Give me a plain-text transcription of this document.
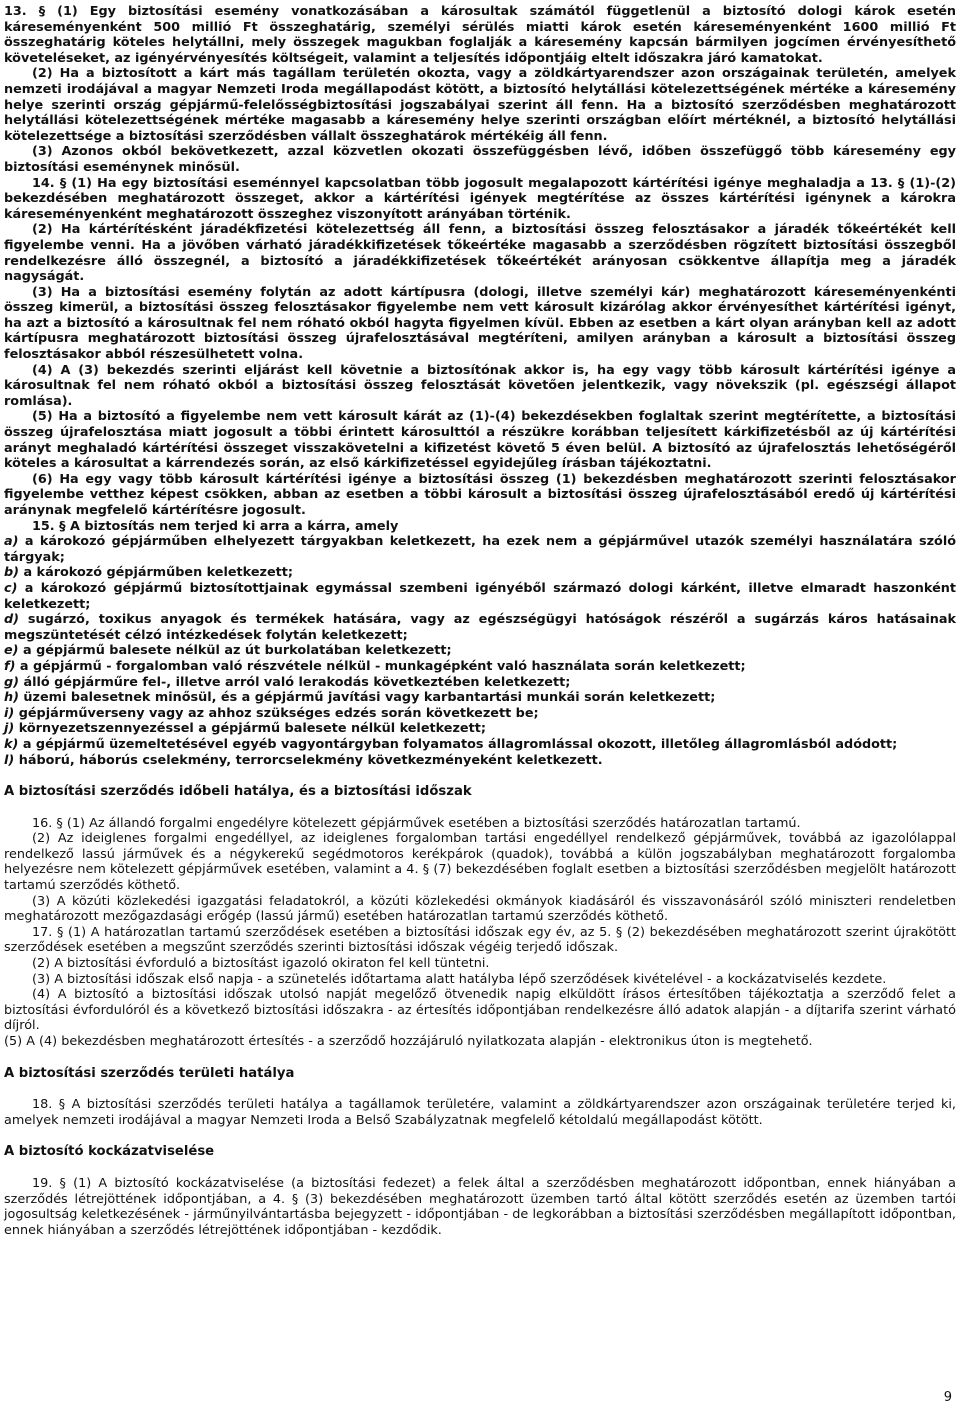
13. § (1) Egy biztosítási esemény vonatkozásában a károsultak számától függetlenül a biztosító dologi károk esetén káreseményenként 500 millió Ft összeghatárig, személyi sérülés miatti károk esetén káreseményenként 1600 millió Ft összeghatárig köteles helytállni, mely összegek magukban foglalják a káresemény kapcsán bármilyen jogcímen érvényesíthető követeléseket, az igényérvényesítés költségeit, valamint a teljesítés időpontjáig eltelt időszakra járó kamatokat.

(2) Ha a biztosított a kárt más tagállam területén okozta, vagy a zöldkártyarendszer azon országainak területén, amelyek nemzeti irodájával a magyar Nemzeti Iroda megállapodást kötött, a biztosító helytállási kötelezettségének mértéke a káresemény helye szerinti ország gépjármű-felelősségbiztosítási jogszabályai szerint áll fenn. Ha a biztosító szerződésben meghatározott helytállási kötelezettségének mértéke magasabb a káresemény helye szerinti országban előírt mértéknél, a biztosító helytállási kötelezettsége a biztosítási szerződésben vállalt összeghatárok mértékéig áll fenn.

(3) Azonos okból bekövetkezett, azzal közvetlen okozati összefüggésben lévő, időben összefüggő több káresemény egy biztosítási eseménynek minősül.

14. § (1) Ha egy biztosítási eseménnyel kapcsolatban több jogosult megalapozott kártérítési igénye meghaladja a 13. § (1)-(2) bekezdésében meghatározott összeget, akkor a kártérítési igények megtérítése az összes kártérítési igénynek a károkra káreseményenként meghatározott összeghez viszonyított arányában történik.

(2) Ha kártérítésként járadékfizetési kötelezettség áll fenn, a biztosítási összeg felosztásakor a járadék tőkeértékét kell figyelembe venni. Ha a jövőben várható járadékkifizetések tőkeértéke magasabb a szerződésben rögzített biztosítási összegből rendelkezésre álló összegnél, a biztosító a járadékkifizetések tőkeértékét arányosan csökkentve állapítja meg a járadék nagyságát.

(3) Ha a biztosítási esemény folytán az adott kártípusra (dologi, illetve személyi kár) meghatározott káreseményenkénti összeg kimerül, a biztosítási összeg felosztásakor figyelembe nem vett károsult kizárólag akkor érvényesíthet kártérítési igényt, ha azt a biztosító a károsultnak fel nem róható okból hagyta figyelmen kívül. Ebben az esetben a kárt olyan arányban kell az adott kártípusra meghatározott biztosítási összeg újrafelosztásával megtéríteni, amilyen arányban a károsult a biztosítási összeg felosztásakor abból részesülhetett volna.

(4) A (3) bekezdés szerinti eljárást kell követnie a biztosítónak akkor is, ha egy vagy több károsult kártérítési igénye a károsultnak fel nem róható okból a biztosítási összeg felosztását követően jelentkezik, vagy növekszik (pl. egészségi állapot romlása).

(5) Ha a biztosító a figyelembe nem vett károsult kárát az (1)-(4) bekezdésekben foglaltak szerint megtérítette, a biztosítási összeg újrafelosztása miatt jogosult a többi érintett károsulttól a részükre korábban teljesített kárkifizetésből az új kártérítési arányt meghaladó kártérítési összeget visszakövetelni a kifizetést követő 5 éven belül. A biztosító az újrafelosztás lehetőségéről köteles a károsultat a kárrendezés során, az első kárkifizetéssel egyidejűleg írásban tájékoztatni.

(6) Ha egy vagy több károsult kártérítési igénye a biztosítási összeg (1) bekezdésben meghatározott szerinti felosztásakor figyelembe vetthez képest csökken, abban az esetben a többi károsult a biztosítási összeg újrafelosztásából eredő új kártérítési aránynak megfelelő kártérítésre jogosult.

15. § A biztosítás nem terjed ki arra a kárra, amely

a) a károkozó gépjárműben elhelyezett tárgyakban keletkezett, ha ezek nem a gépjárművel utazók személyi használatára szóló tárgyak;

b) a károkozó gépjárműben keletkezett;

c) a károkozó gépjármű biztosítottjainak egymással szembeni igényéből származó dologi kárként, illetve elmaradt haszonként keletkezett;

d) sugárzó, toxikus anyagok és termékek hatására, vagy az egészségügyi hatóságok részéről a sugárzás káros hatásainak megszüntetését célzó intézkedések folytán keletkezett;

e) a gépjármű balesete nélkül az út burkolatában keletkezett;

f) a gépjármű - forgalomban való részvétele nélkül - munkagépként való használata során keletkezett;

g) álló gépjárműre fel-, illetve arról való lerakodás következtében keletkezett;

h) üzemi balesetnek minősül, és a gépjármű javítási vagy karbantartási munkái során keletkezett;

i) gépjárműverseny vagy az ahhoz szükséges edzés során következett be;

j) környezetszennyezéssel a gépjármű balesete nélkül keletkezett;

k) a gépjármű üzemeltetésével egyéb vagyontárgyban folyamatos állagromlással okozott, illetőleg állagromlásból adódott;

l) háború, háborús cselekmény, terrorcselekmény következményeként keletkezett.

A biztosítási szerződés időbeli hatálya, és a biztosítási időszak

16. § (1) Az állandó forgalmi engedélyre kötelezett gépjárművek esetében a biztosítási szerződés határozatlan tartamú.

(2) Az ideiglenes forgalmi engedéllyel, az ideiglenes forgalomban tartási engedéllyel rendelkező gépjárművek, továbbá az igazolólappal rendelkező lassú járművek és a négykerekű segédmotoros kerékpárok (quadok), továbbá a külön jogszabályban meghatározott forgalomba helyezésre nem kötelezett gépjárművek esetében, valamint a 4. § (7) bekezdésében foglalt esetben a biztosítási szerződésben megjelölt határozott tartamú szerződés köthető.

(3) A közúti közlekedési igazgatási feladatokról, a közúti közlekedési okmányok kiadásáról és visszavonásáról szóló miniszteri rendeletben meghatározott mezőgazdasági erőgép (lassú jármű) esetében határozatlan tartamú szerződés köthető.

17. § (1) A határozatlan tartamú szerződések esetében a biztosítási időszak egy év, az 5. § (2) bekezdésében meghatározott szerint újrakötött szerződések esetében a megszűnt szerződés szerinti biztosítási időszak végéig terjedő időszak.

(2) A biztosítási évforduló a biztosítást igazoló okiraton fel kell tüntetni.

(3) A biztosítási időszak első napja - a szünetelés időtartama alatt hatályba lépő szerződések kivételével - a kockázatviselés kezdete.

(4) A biztosító a biztosítási időszak utolsó napját megelőző ötvenedik napig elküldött írásos értesítőben tájékoztatja a szerződő felet a biztosítási évfordulóról és a következő biztosítási időszakra - az értesítés időpontjában rendelkezésre álló adatok alapján - a díjtarifa szerint várható díjról.

(5) A (4) bekezdésben meghatározott értesítés - a szerződő hozzájáruló nyilatkozata alapján - elektronikus úton is megtehető.

A biztosítási szerződés területi hatálya

18. § A biztosítási szerződés területi hatálya a tagállamok területére, valamint a zöldkártyarendszer azon országainak területére terjed ki, amelyek nemzeti irodájával a magyar Nemzeti Iroda a Belső Szabályzatnak megfelelő kétoldalú megállapodást kötött.

A biztosító kockázatviselése

19. § (1) A biztosító kockázatviselése (a biztosítási fedezet) a felek által a szerződésben meghatározott időpontban, ennek hiányában a szerződés létrejöttének időpontjában, a 4. § (3) bekezdésében meghatározott üzemben tartó által kötött szerződés esetén az üzemben tartói jogosultság keletkezésének - járműnyilvántartásba bejegyzett - időpontjában - de legkorábban a biztosítási szerződésben megállapított időpontban, ennek hiányában a szerződés létrejöttének időpontjában - kezdődik.

9
